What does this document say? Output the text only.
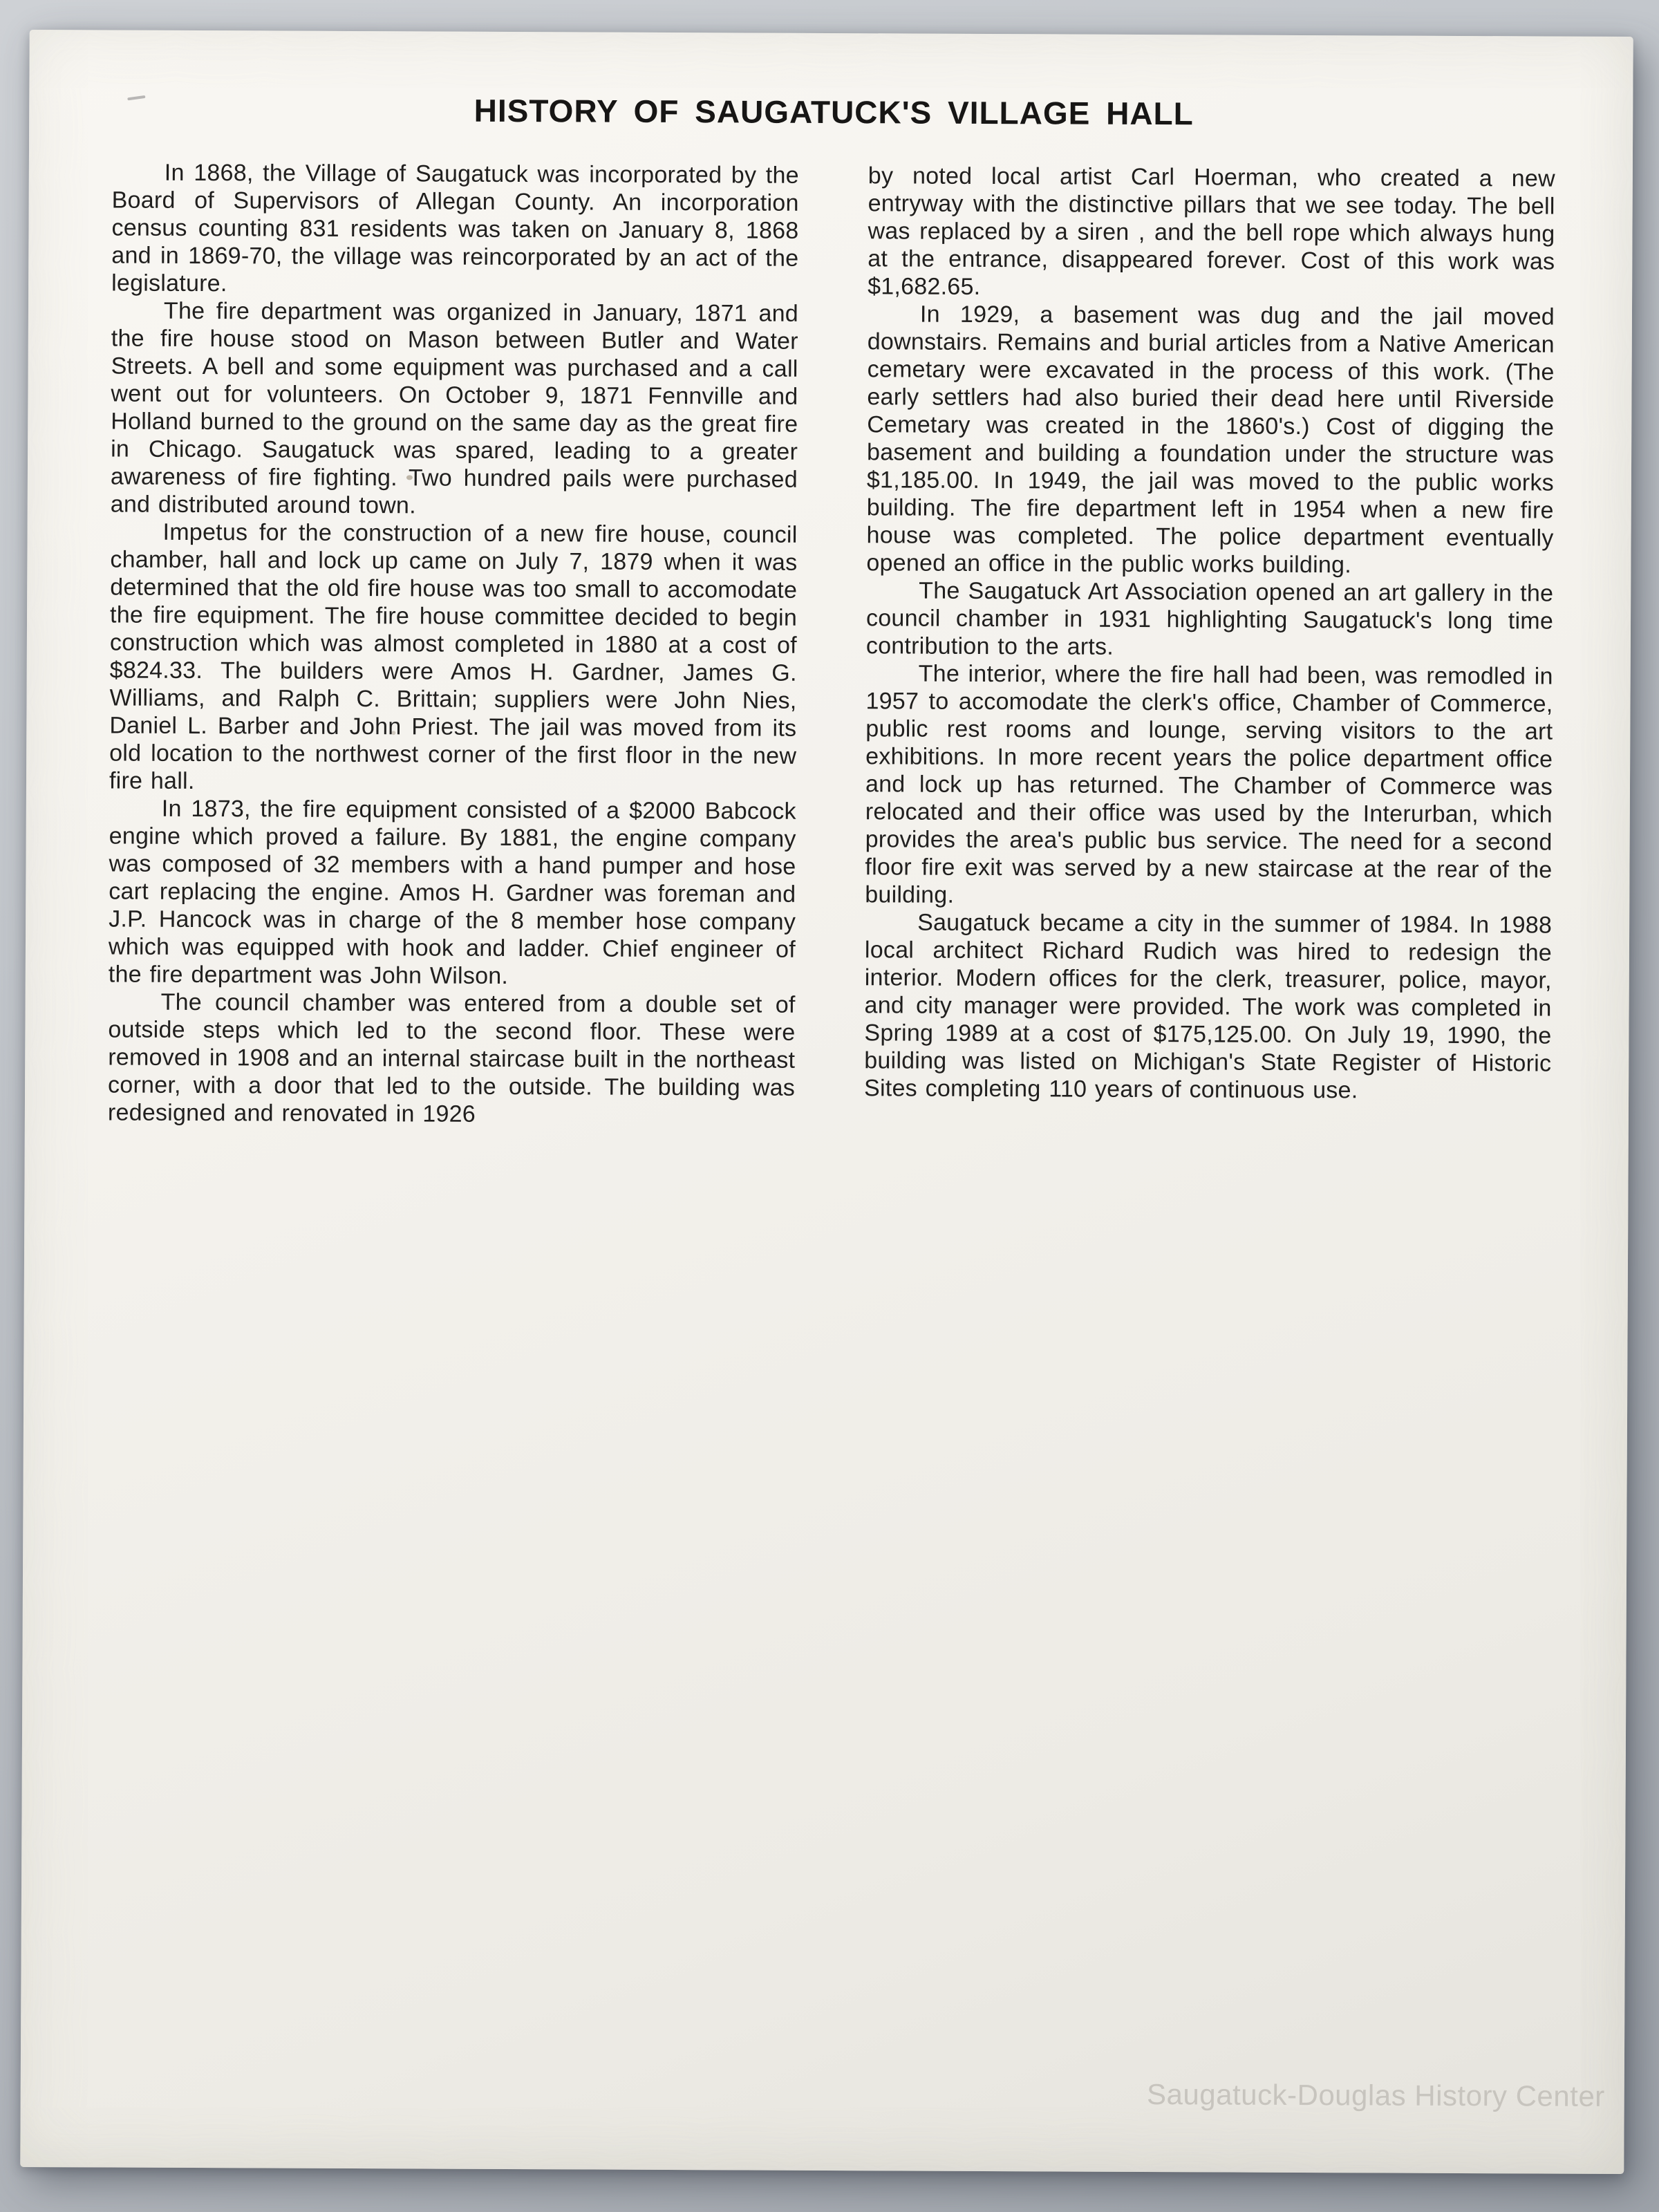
HISTORY OF SAUGATUCK'S VILLAGE HALL

In 1868, the Village of Saugatuck was incorporated by the Board of Supervisors of Allegan County. An incorporation census counting 831 residents was taken on January 8, 1868 and in 1869-70, the village was reincorporated by an act of the legislature.

The fire department was organized in January, 1871 and the fire house stood on Mason between Butler and Water Streets. A bell and some equipment was purchased and a call went out for volunteers. On October 9, 1871 Fennville and Holland burned to the ground on the same day as the great fire in Chicago. Saugatuck was spared, leading to a greater awareness of fire fighting. Two hundred pails were purchased and distributed around town.

Impetus for the construction of a new fire house, council chamber, hall and lock up came on July 7, 1879 when it was determined that the old fire house was too small to accomodate the fire equipment. The fire house committee decided to begin construction which was almost completed in 1880 at a cost of $824.33. The builders were Amos H. Gardner, James G. Williams, and Ralph C. Brittain; suppliers were John Nies, Daniel L. Barber and John Priest. The jail was moved from its old location to the northwest corner of the first floor in the new fire hall.

In 1873, the fire equipment consisted of a $2000 Babcock engine which proved a failure. By 1881, the engine company was composed of 32 members with a hand pumper and hose cart replacing the engine. Amos H. Gardner was foreman and J.P. Hancock was in charge of the 8 member hose company which was equipped with hook and ladder. Chief engineer of the fire department was John Wilson.

The council chamber was entered from a double set of outside steps which led to the second floor. These were removed in 1908 and an internal staircase built in the northeast corner, with a door that led to the outside. The building was redesigned and renovated in 1926

by noted local artist Carl Hoerman, who created a new entryway with the distinctive pillars that we see today. The bell was replaced by a siren , and the bell rope which always hung at the entrance, disappeared forever. Cost of this work was $1,682.65.

In 1929, a basement was dug and the jail moved downstairs. Remains and burial articles from a Native American cemetary were excavated in the process of this work. (The early settlers had also buried their dead here until Riverside Cemetary was created in the 1860's.) Cost of digging the basement and building a foundation under the structure was $1,185.00. In 1949, the jail was moved to the public works building. The fire department left in 1954 when a new fire house was completed. The police department eventually opened an office in the public works building.

The Saugatuck Art Association opened an art gallery in the council chamber in 1931 highlighting Saugatuck's long time contribution to the arts.

The interior, where the fire hall had been, was remodled in 1957 to accomodate the clerk's office, Chamber of Commerce, public rest rooms and lounge, serving visitors to the art exhibitions. In more recent years the police department office and lock up has returned. The Chamber of Commerce was relocated and their office was used by the Interurban, which provides the area's public bus service. The need for a second floor fire exit was served by a new staircase at the rear of the building.

Saugatuck became a city in the summer of 1984. In 1988 local architect Richard Rudich was hired to redesign the interior. Modern offices for the clerk, treasurer, police, mayor, and city manager were provided. The work was completed in Spring 1989 at a cost of $175,125.00. On July 19, 1990, the building was listed on Michigan's State Register of Historic Sites completing 110 years of continuous use.

Saugatuck-Douglas History Center
